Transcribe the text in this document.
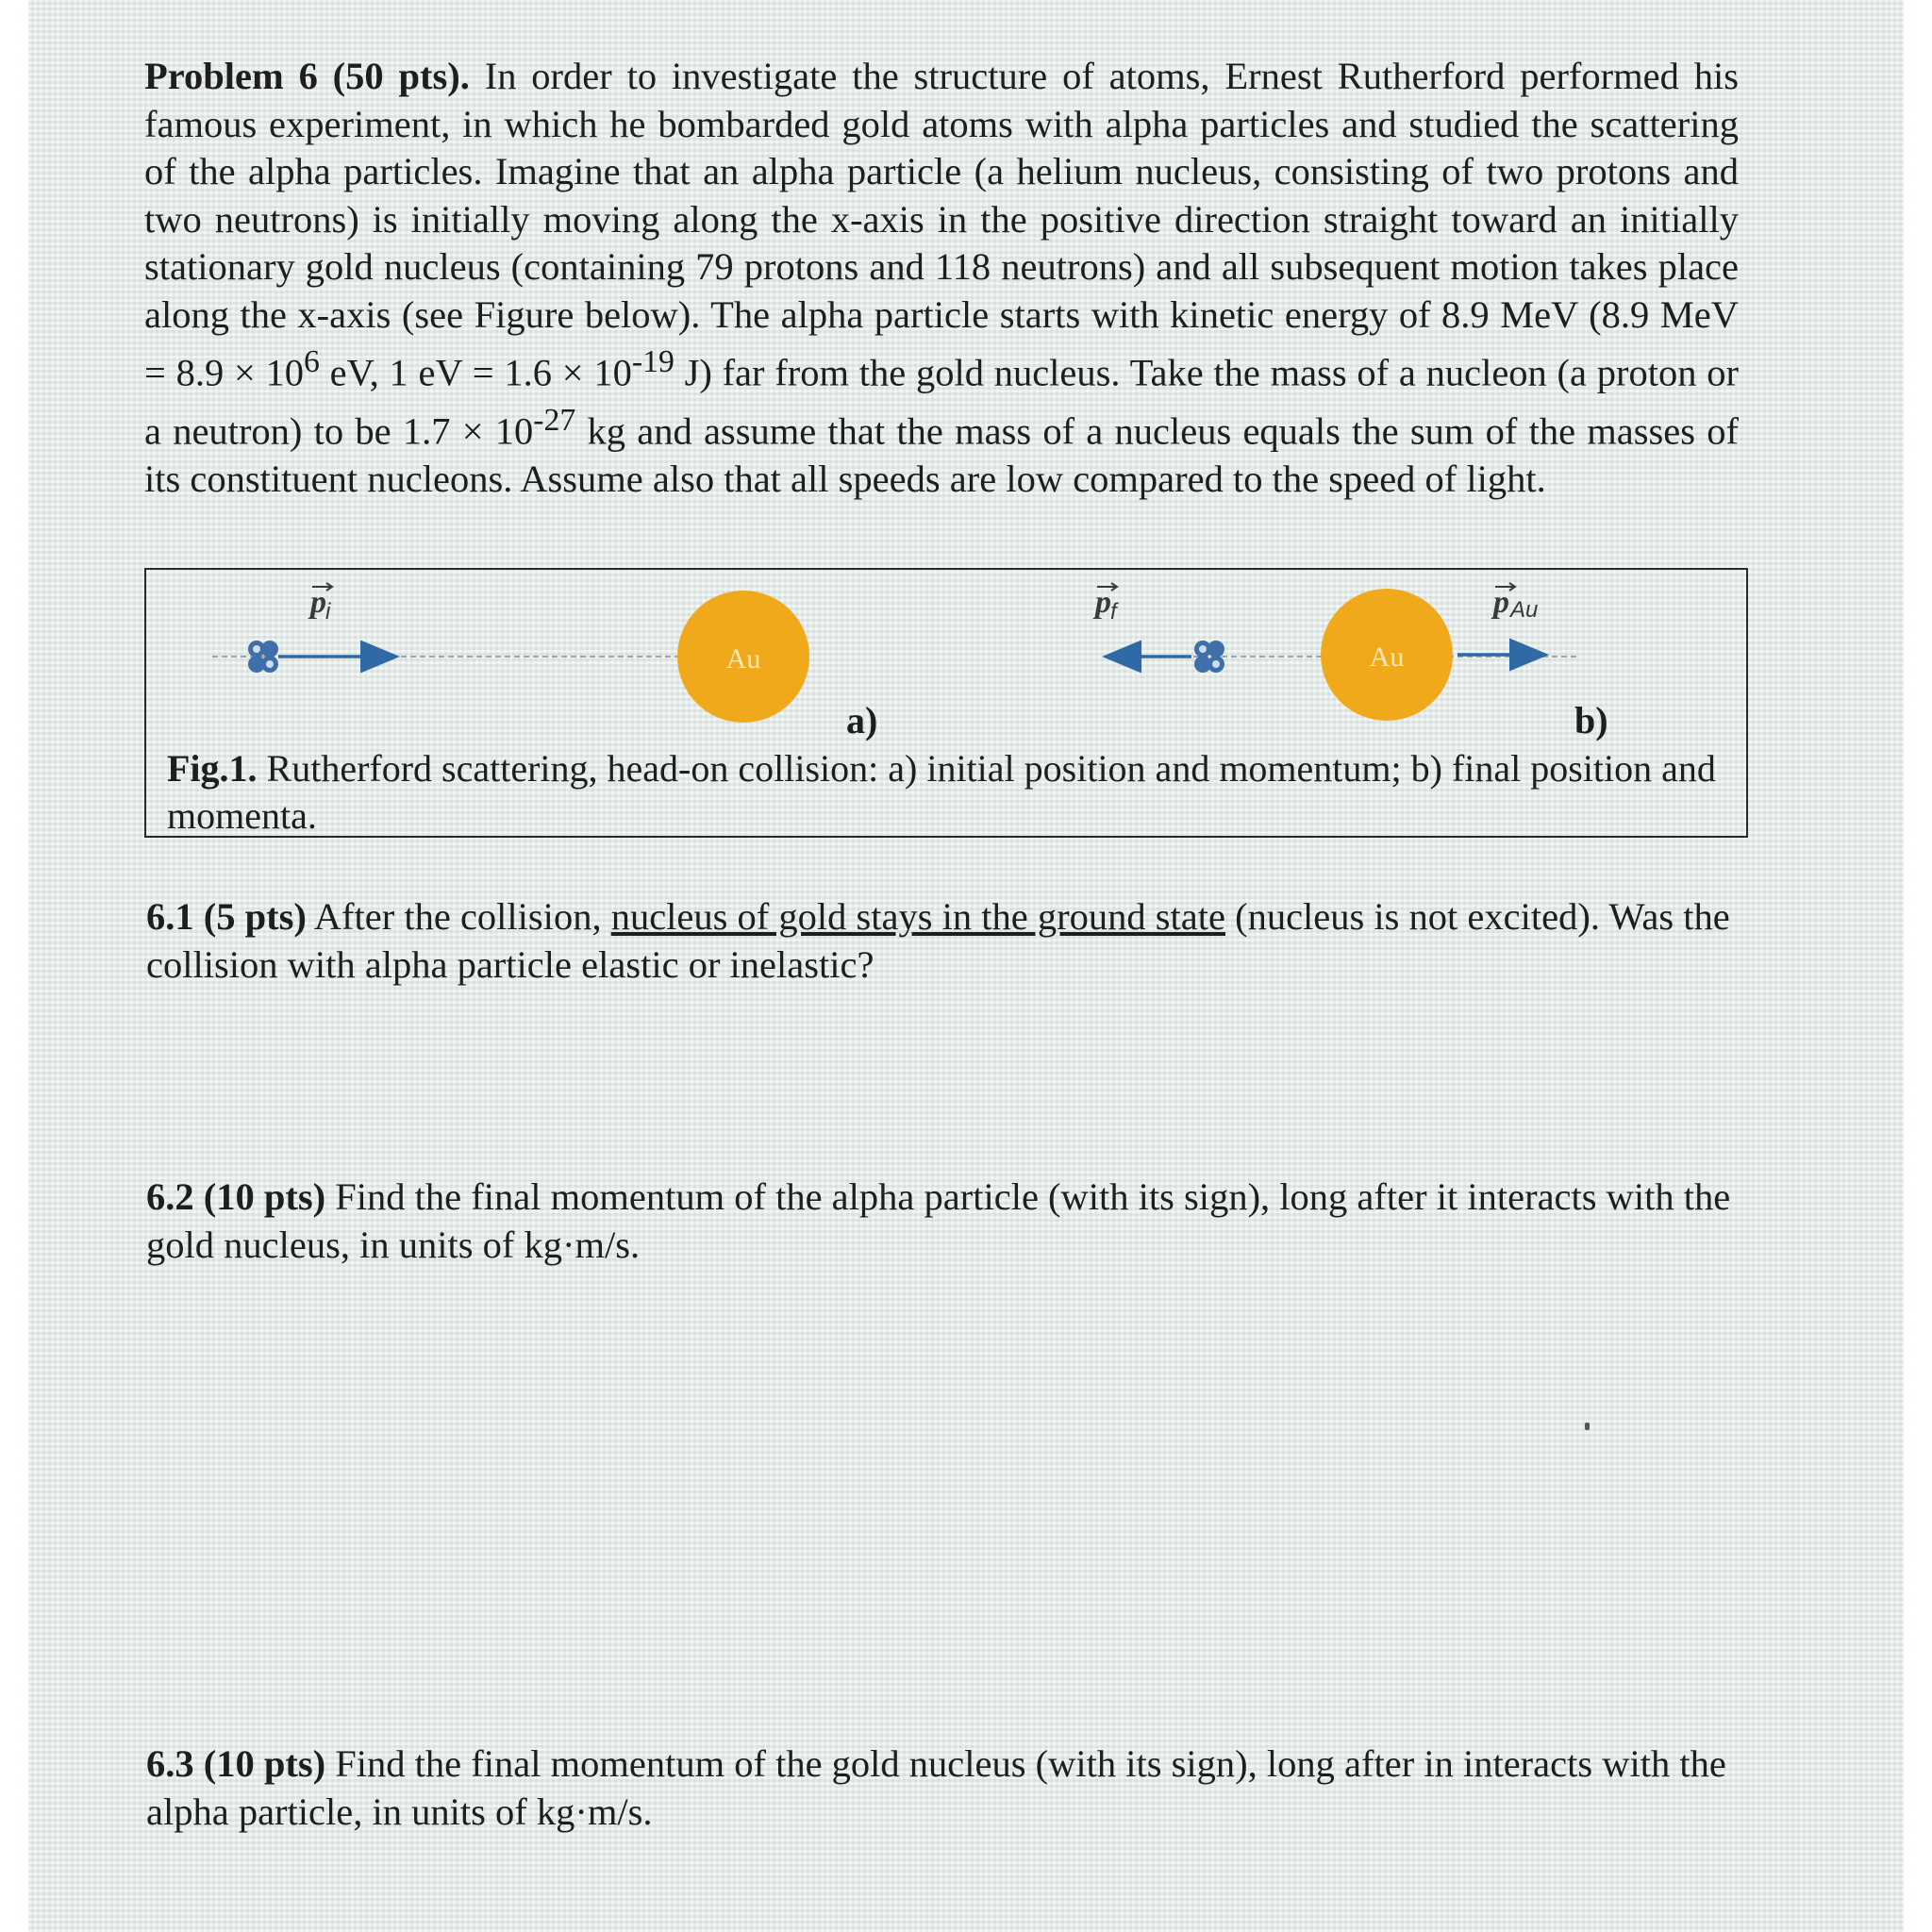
Problem 6 (50 pts). In order to investigate the structure of atoms, Ernest Rutherford performed his famous experiment, in which he bombarded gold atoms with alpha particles and studied the scattering of the alpha particles. Imagine that an alpha particle (a helium nucleus, consisting of two protons and two neutrons) is initially moving along the x-axis in the positive direction straight toward an initially stationary gold nucleus (containing 79 protons and 118 neutrons) and all subsequent motion takes place along the x-axis (see Figure below). The alpha particle starts with kinetic energy of 8.9 MeV (8.9 MeV = $8.9 \times 10^6$ eV, 1 eV = $1.6 \times 10^{-19}$ J) far from the gold nucleus. Take the mass of a nucleon (a proton or a neutron) to be $1.7 \times 10^{-27}$ kg and assume that the mass of a nucleus equals the sum of the masses of its constituent nucleons. Assume also that all speeds are low compared to the speed of light.
p i
Au
p f
Au
p Au
a)	b)
Fig.1. Rutherford scattering, head-on collision: a) initial position and momentum; b) final position and momenta.
6.1 (5 pts) After the collision, nucleus of gold stays in the ground state (nucleus is not excited). Was the collision with alpha particle elastic or inelastic?
6.2 (10 pts) Find the final momentum of the alpha particle (with its sign), long after it interacts with the gold nucleus, in units of kg·m/s.
6.3 (10 pts) Find the final momentum of the gold nucleus (with its sign), long after in interacts with the alpha particle, in units of kg·m/s.
